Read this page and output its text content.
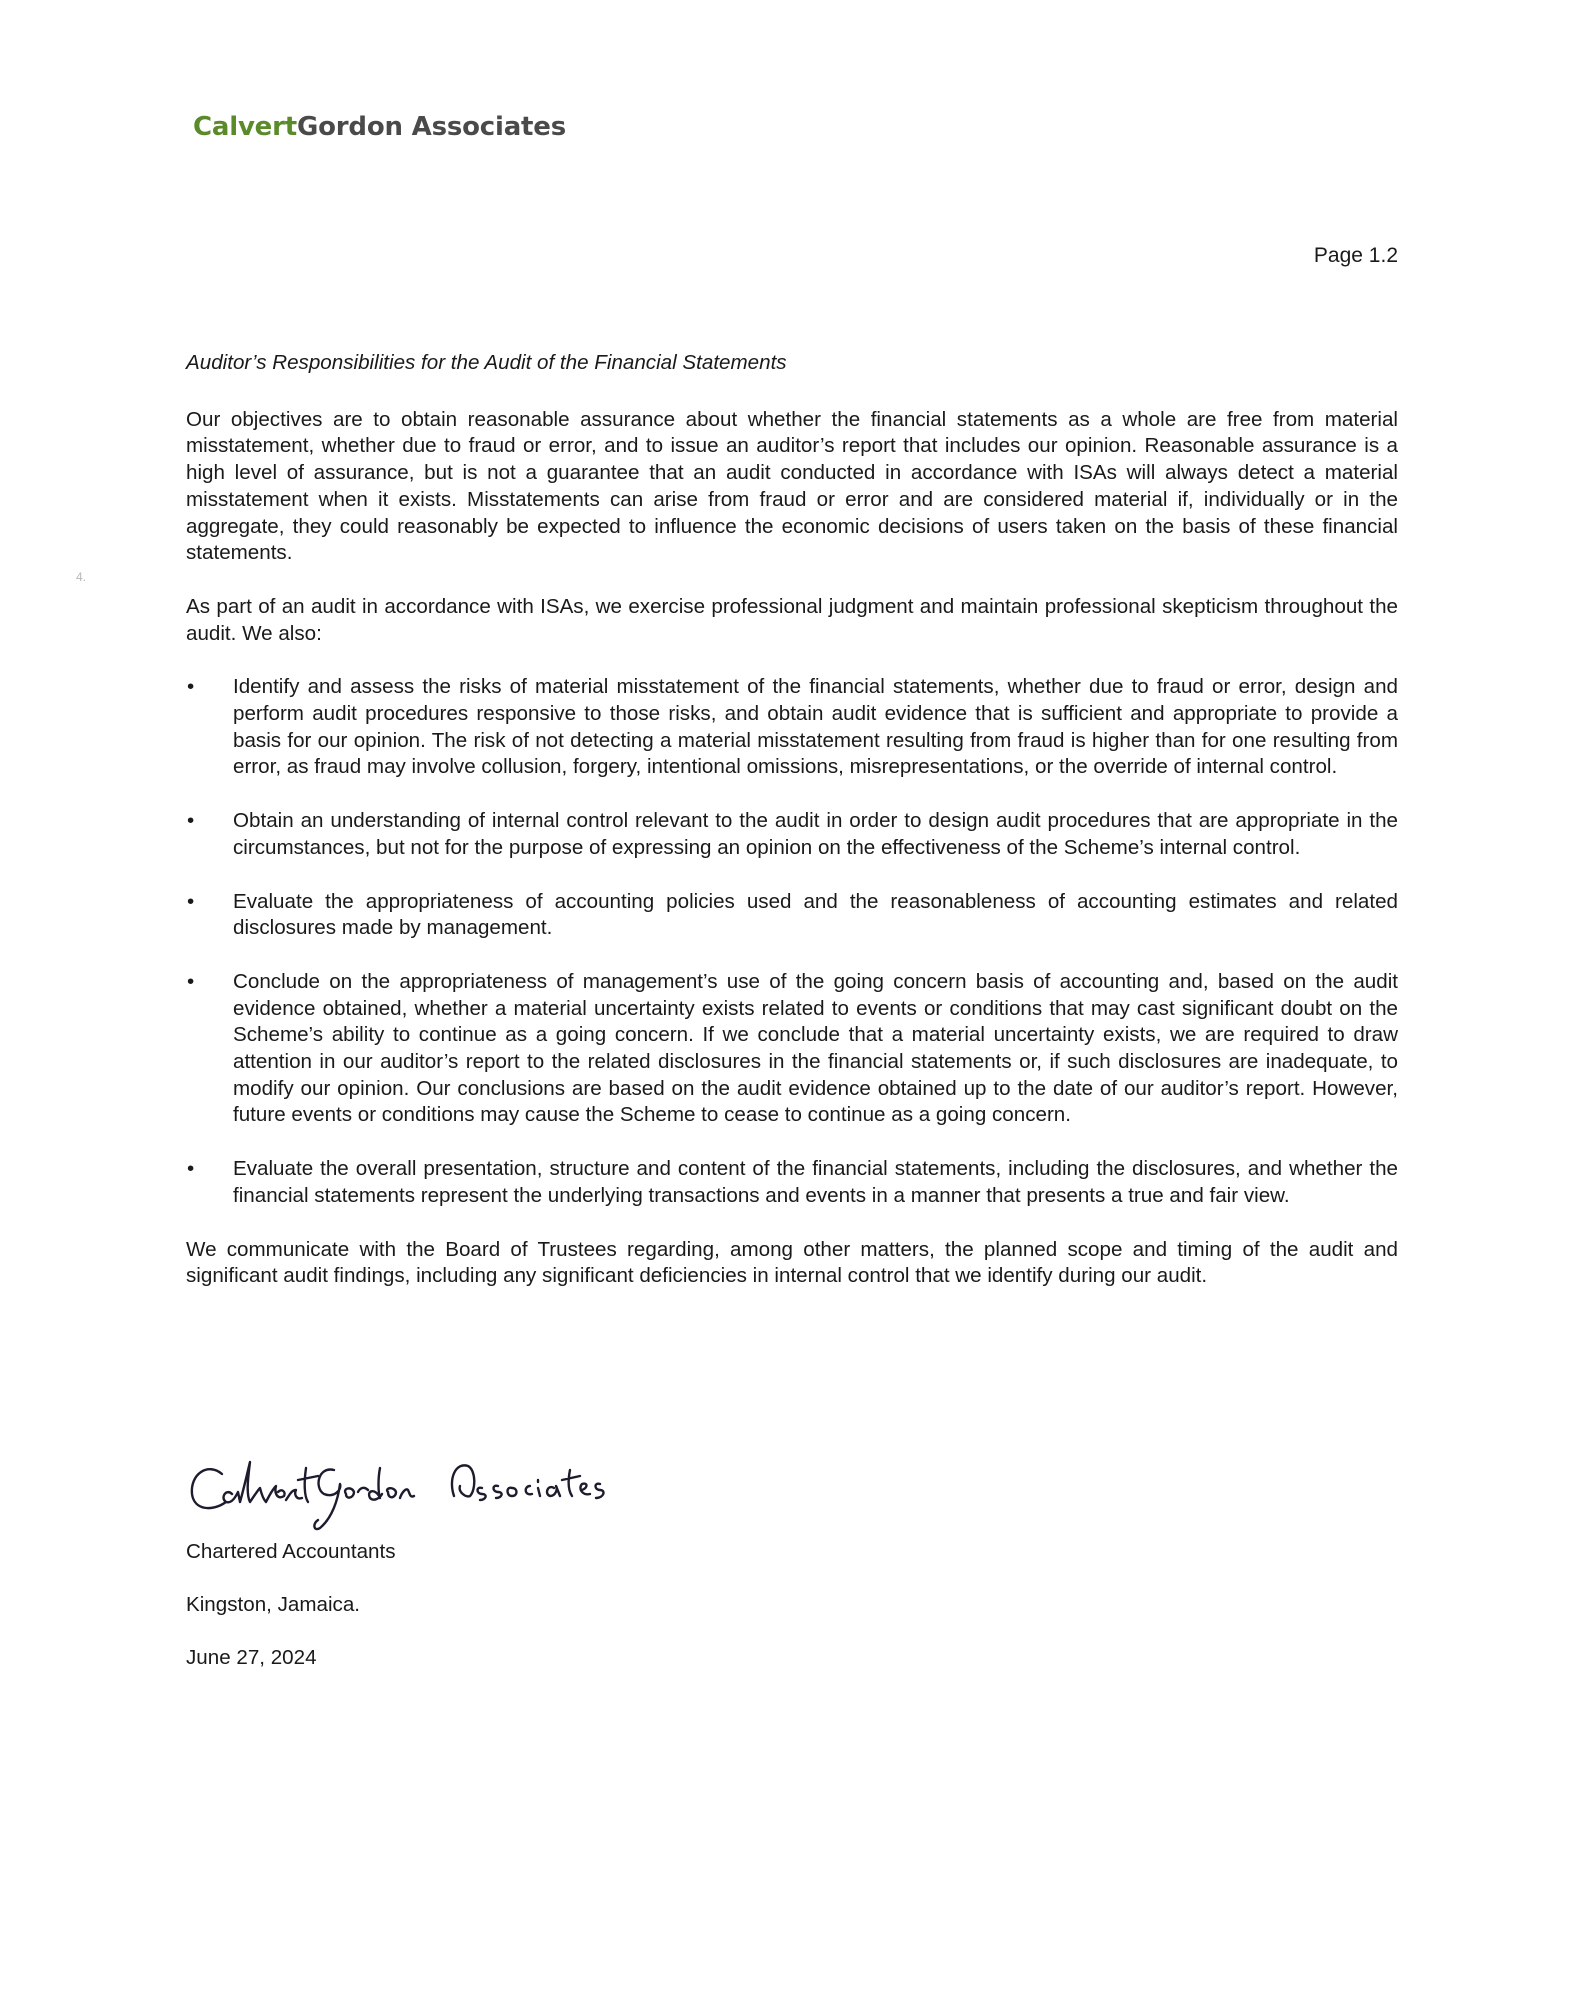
CalvertGordon Associates
Page 1.2
4.

Auditor’s Responsibilities for the Audit of the Financial Statements

Our objectives are to obtain reasonable assurance about whether the financial statements as a whole are free from material misstatement, whether due to fraud or error, and to issue an auditor’s report that includes our opinion. Reasonable assurance is a high level of assurance, but is not a guarantee that an audit conducted in accordance with ISAs will always detect a material misstatement when it exists. Misstatements can arise from fraud or error and are considered material if, individually or in the aggregate, they could reasonably be expected to influence the economic decisions of users taken on the basis of these financial statements.

As part of an audit in accordance with ISAs, we exercise professional judgment and maintain professional skepticism throughout the audit. We also:

• Identify and assess the risks of material misstatement of the financial statements, whether due to fraud or error, design and perform audit procedures responsive to those risks, and obtain audit evidence that is sufficient and appropriate to provide a basis for our opinion. The risk of not detecting a material misstatement resulting from fraud is higher than for one resulting from error, as fraud may involve collusion, forgery, intentional omissions, misrepresentations, or the override of internal control.
• Obtain an understanding of internal control relevant to the audit in order to design audit procedures that are appropriate in the circumstances, but not for the purpose of expressing an opinion on the effectiveness of the Scheme’s internal control.
• Evaluate the appropriateness of accounting policies used and the reasonableness of accounting estimates and related disclosures made by management.
• Conclude on the appropriateness of management’s use of the going concern basis of accounting and, based on the audit evidence obtained, whether a material uncertainty exists related to events or conditions that may cast significant doubt on the Scheme’s ability to continue as a going concern. If we conclude that a material uncertainty exists, we are required to draw attention in our auditor’s report to the related disclosures in the financial statements or, if such disclosures are inadequate, to modify our opinion. Our conclusions are based on the audit evidence obtained up to the date of our auditor’s report. However, future events or conditions may cause the Scheme to cease to continue as a going concern.
• Evaluate the overall presentation, structure and content of the financial statements, including the disclosures, and whether the financial statements represent the underlying transactions and events in a manner that presents a true and fair view.

We communicate with the Board of Trustees regarding, among other matters, the planned scope and timing of the audit and significant audit findings, including any significant deficiencies in internal control that we identify during our audit.

Chartered Accountants
Kingston, Jamaica.
June 27, 2024
